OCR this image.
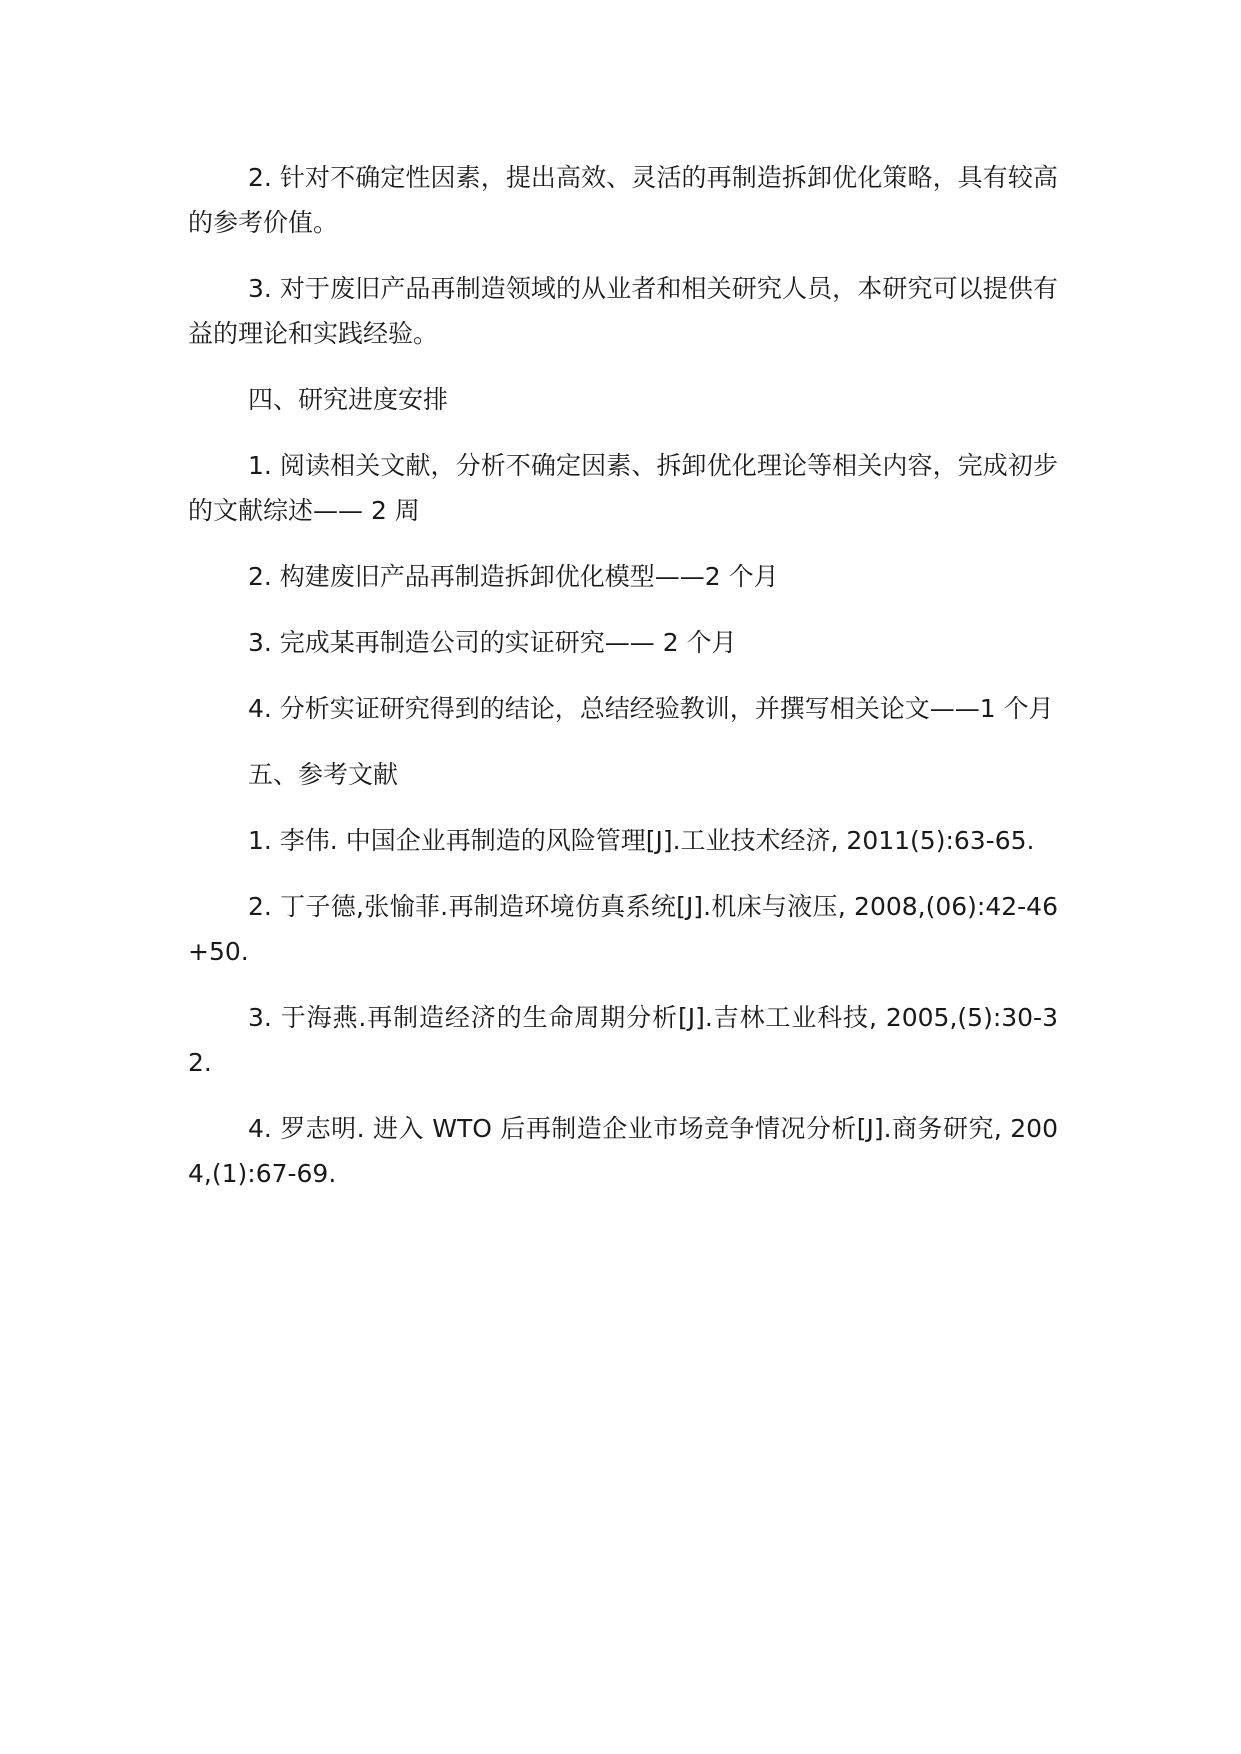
2. 针对不确定性因素，提出高效、灵活的再制造拆卸优化策略，具有较高的参考价值。

3. 对于废旧产品再制造领域的从业者和相关研究人员，本研究可以提供有益的理论和实践经验。

四、研究进度安排

1. 阅读相关文献，分析不确定因素、拆卸优化理论等相关内容，完成初步的文献综述—— 2 周

2. 构建废旧产品再制造拆卸优化模型——2 个月

3. 完成某再制造公司的实证研究—— 2 个月

4. 分析实证研究得到的结论，总结经验教训，并撰写相关论文——1 个月

五、参考文献

1. 李伟. 中国企业再制造的风险管理[J].工业技术经济, 2011(5):63-65.

2. 丁子德,张愉菲.再制造环境仿真系统[J].机床与液压, 2008,(06):42-46+50.

3. 于海燕.再制造经济的生命周期分析[J].吉林工业科技, 2005,(5):30-32.

4. 罗志明. 进入 WTO 后再制造企业市场竞争情况分析[J].商务研究, 2004,(1):67-69.
